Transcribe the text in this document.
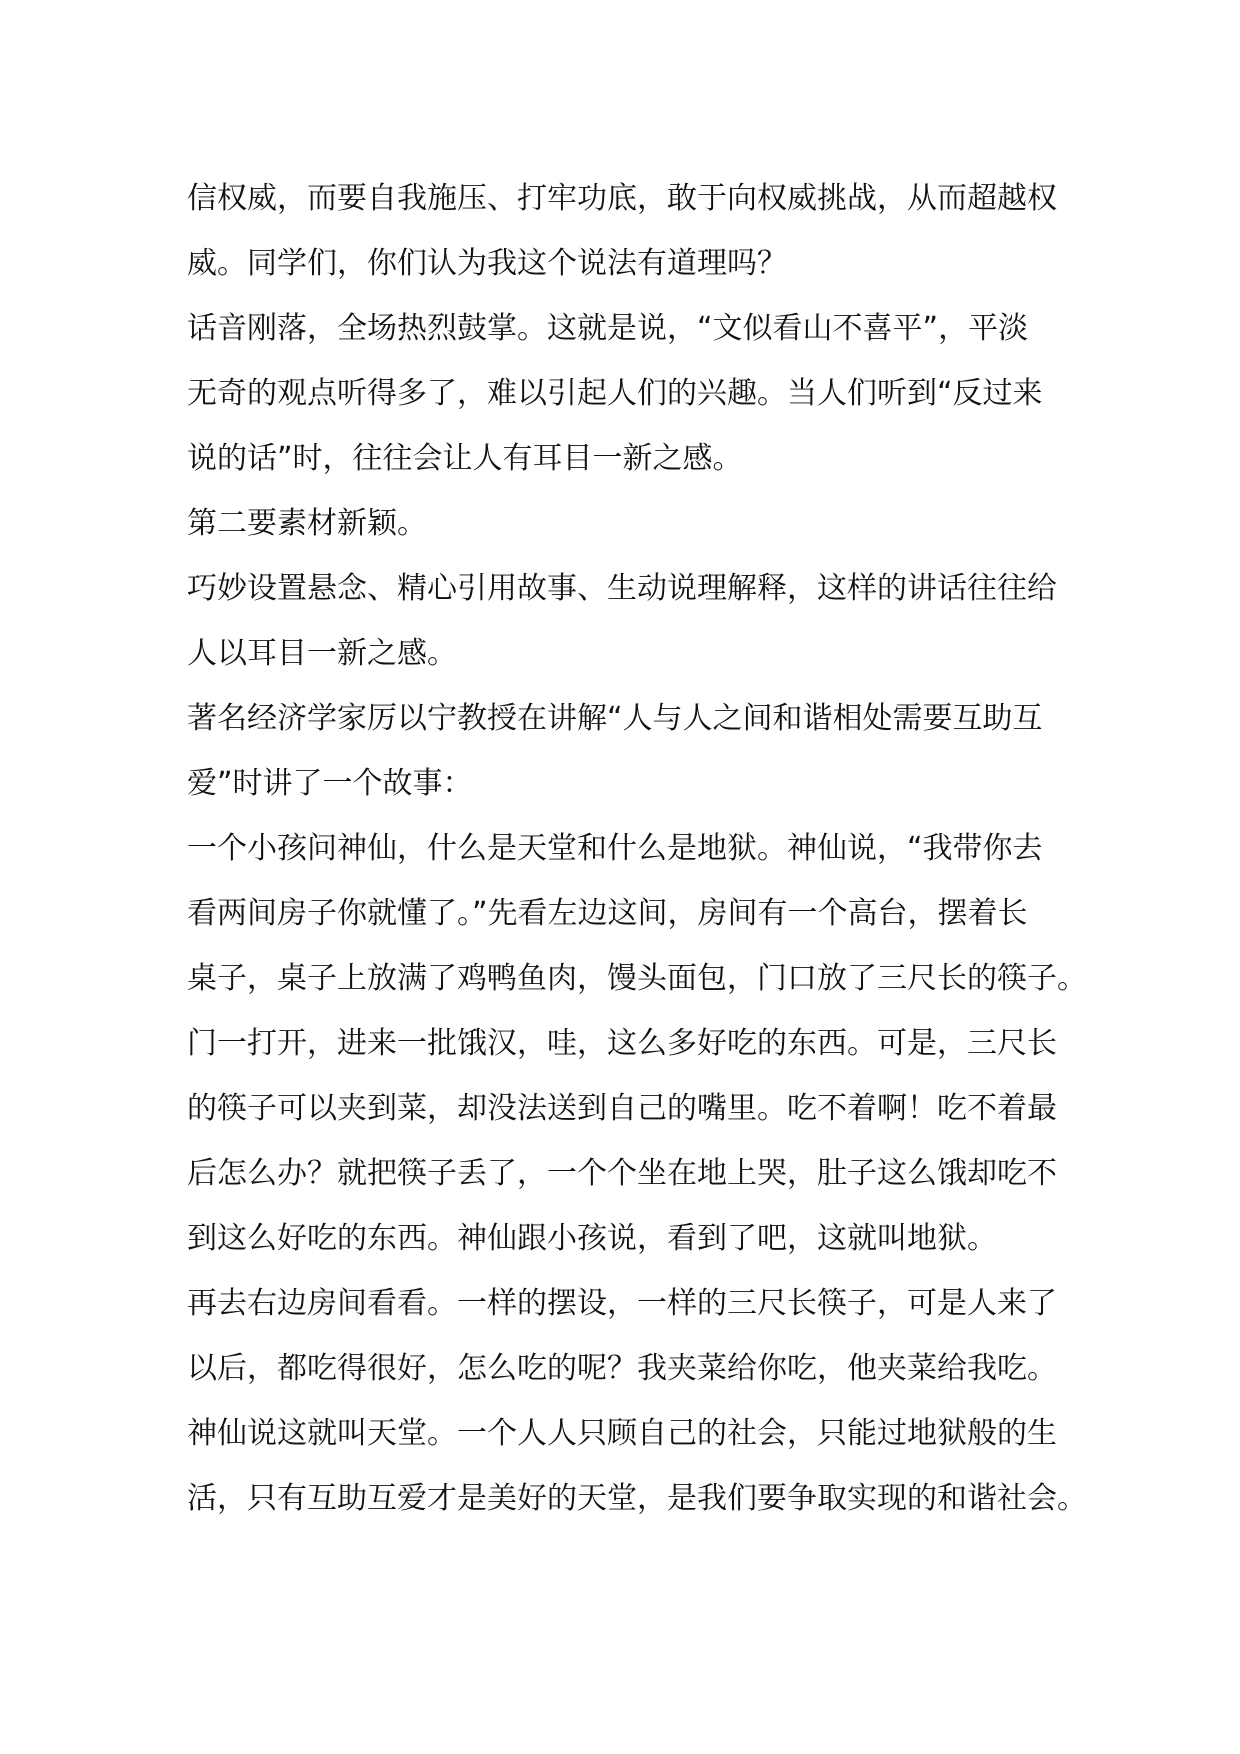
信权威，而要自我施压、打牢功底，敢于向权威挑战，从而超越权
威。同学们，你们认为我这个说法有道理吗？
话音刚落，全场热烈鼓掌。这就是说，“文似看山不喜平”，平淡
无奇的观点听得多了，难以引起人们的兴趣。当人们听到“反过来
说的话”时，往往会让人有耳目一新之感。
第二要素材新颖。
巧妙设置悬念、精心引用故事、生动说理解释，这样的讲话往往给
人以耳目一新之感。
著名经济学家厉以宁教授在讲解“人与人之间和谐相处需要互助互
爱”时讲了一个故事：
一个小孩问神仙，什么是天堂和什么是地狱。神仙说，“我带你去
看两间房子你就懂了。”先看左边这间，房间有一个高台，摆着长
桌子，桌子上放满了鸡鸭鱼肉，馒头面包，门口放了三尺长的筷子。
门一打开，进来一批饿汉，哇，这么多好吃的东西。可是，三尺长
的筷子可以夹到菜，却没法送到自己的嘴里。吃不着啊！吃不着最
后怎么办？就把筷子丢了，一个个坐在地上哭，肚子这么饿却吃不
到这么好吃的东西。神仙跟小孩说，看到了吧，这就叫地狱。
再去右边房间看看。一样的摆设，一样的三尺长筷子，可是人来了
以后，都吃得很好，怎么吃的呢？我夹菜给你吃，他夹菜给我吃。
神仙说这就叫天堂。一个人人只顾自己的社会，只能过地狱般的生
活，只有互助互爱才是美好的天堂，是我们要争取实现的和谐社会。
